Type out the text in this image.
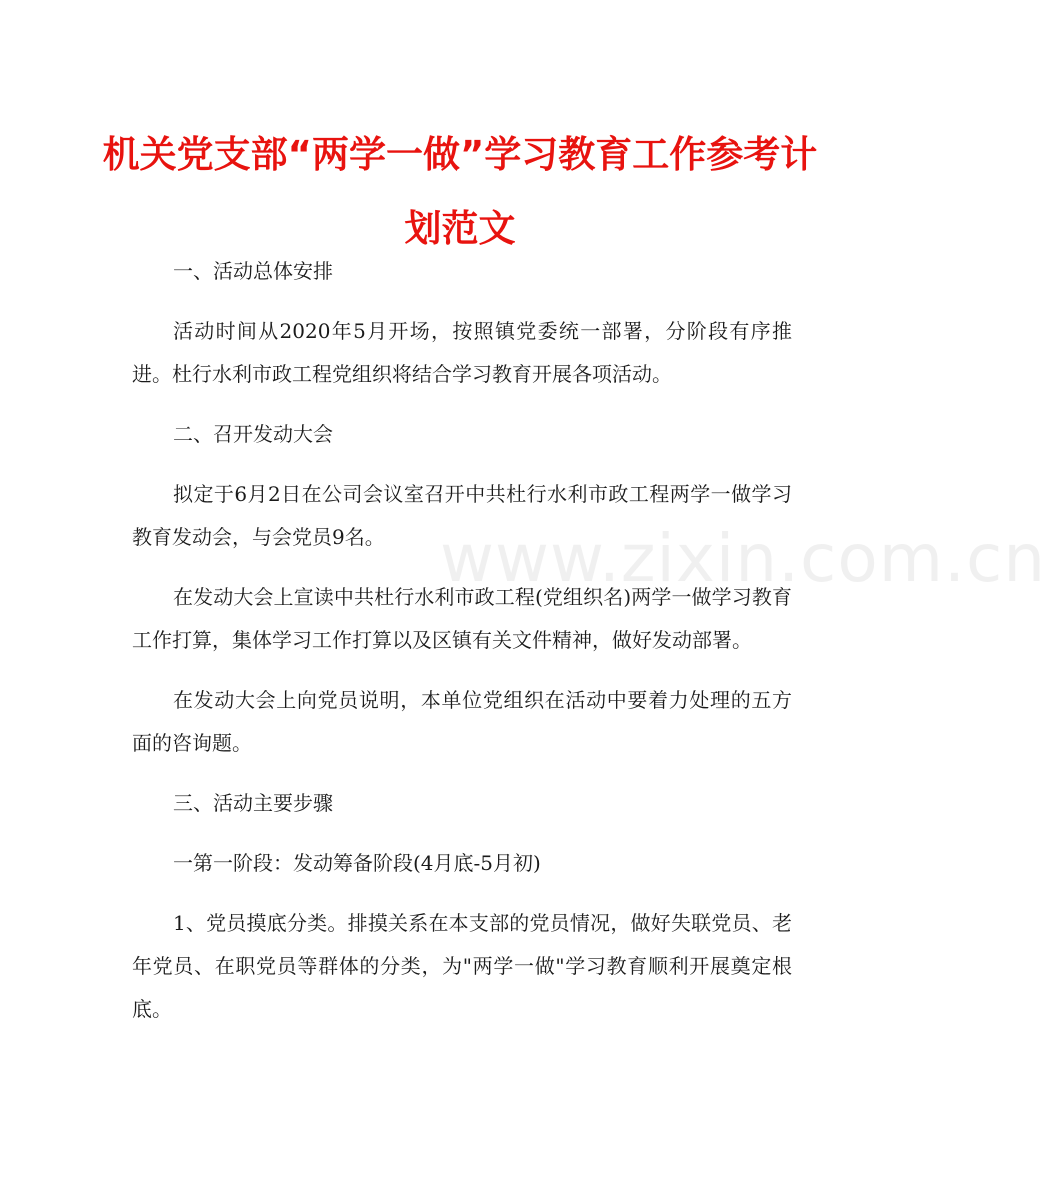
机关党支部“两学一做”学习教育工作参考计划范文
www.zixin.com.cn

一、活动总体安排

活动时间从2020年5月开场，按照镇党委统一部署，分阶段有序推进。杜行水利市政工程党组织将结合学习教育开展各项活动。

二、召开发动大会

拟定于6月2日在公司会议室召开中共杜行水利市政工程两学一做学习教育发动会，与会党员9名。

在发动大会上宣读中共杜行水利市政工程(党组织名)两学一做学习教育工作打算，集体学习工作打算以及区镇有关文件精神，做好发动部署。

在发动大会上向党员说明，本单位党组织在活动中要着力处理的五方面的咨询题。

三、活动主要步骤

一第一阶段：发动筹备阶段(4月底-5月初)

1、党员摸底分类。排摸关系在本支部的党员情况，做好失联党员、老年党员、在职党员等群体的分类，为"两学一做"学习教育顺利开展奠定根底。
